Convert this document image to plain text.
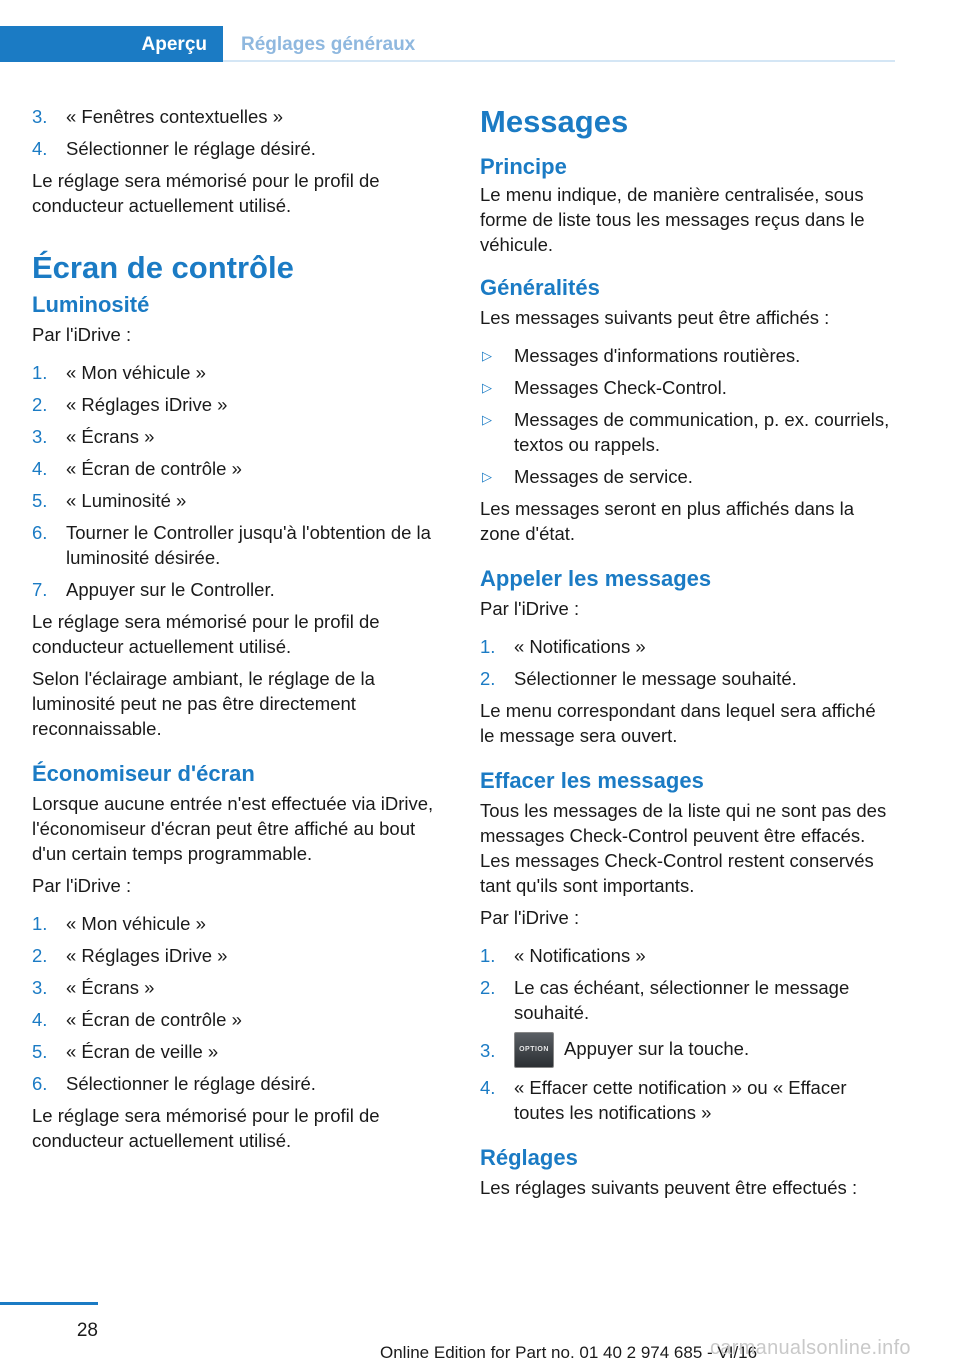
Aperçu	Réglages généraux
3.	« Fenêtres contextuelles »
4.	Sélectionner le réglage désiré.
Le réglage sera mémorisé pour le profil de conducteur actuellement utilisé.
Écran de contrôle
Luminosité
Par l'iDrive :
1.	« Mon véhicule »
2.	« Réglages iDrive »
3.	« Écrans »
4.	« Écran de contrôle »
5.	« Luminosité »
6.	Tourner le Controller jusqu'à l'obtention de la luminosité désirée.
7.	Appuyer sur le Controller.
Le réglage sera mémorisé pour le profil de conducteur actuellement utilisé.
Selon l'éclairage ambiant, le réglage de la luminosité peut ne pas être directement reconnaissable.
Économiseur d'écran
Lorsque aucune entrée n'est effectuée via iDrive, l'économiseur d'écran peut être affiché au bout d'un certain temps programmable.
Par l'iDrive :
1.	« Mon véhicule »
2.	« Réglages iDrive »
3.	« Écrans »
4.	« Écran de contrôle »
5.	« Écran de veille »
6.	Sélectionner le réglage désiré.
Le réglage sera mémorisé pour le profil de conducteur actuellement utilisé.
Messages
Principe
Le menu indique, de manière centralisée, sous forme de liste tous les messages reçus dans le véhicule.
Généralités
Les messages suivants peut être affichés :
▷	Messages d'informations routières.
▷	Messages Check-Control.
▷	Messages de communication, p. ex. courriels, textos ou rappels.
▷	Messages de service.
Les messages seront en plus affichés dans la zone d'état.
Appeler les messages
Par l'iDrive :
1.	« Notifications »
2.	Sélectionner le message souhaité.
Le menu correspondant dans lequel sera affiché le message sera ouvert.
Effacer les messages
Tous les messages de la liste qui ne sont pas des messages Check-Control peuvent être effacés. Les messages Check-Control restent conservés tant qu'ils sont importants.
Par l'iDrive :
1.	« Notifications »
2.	Le cas échéant, sélectionner le message souhaité.
3.	OPTION Appuyer sur la touche.
4.	« Effacer cette notification » ou « Effacer toutes les notifications »
Réglages
Les réglages suivants peuvent être effectués :
28
Online Edition for Part no. 01 40 2 974 685 - VI/16
carmanualsonline.info
